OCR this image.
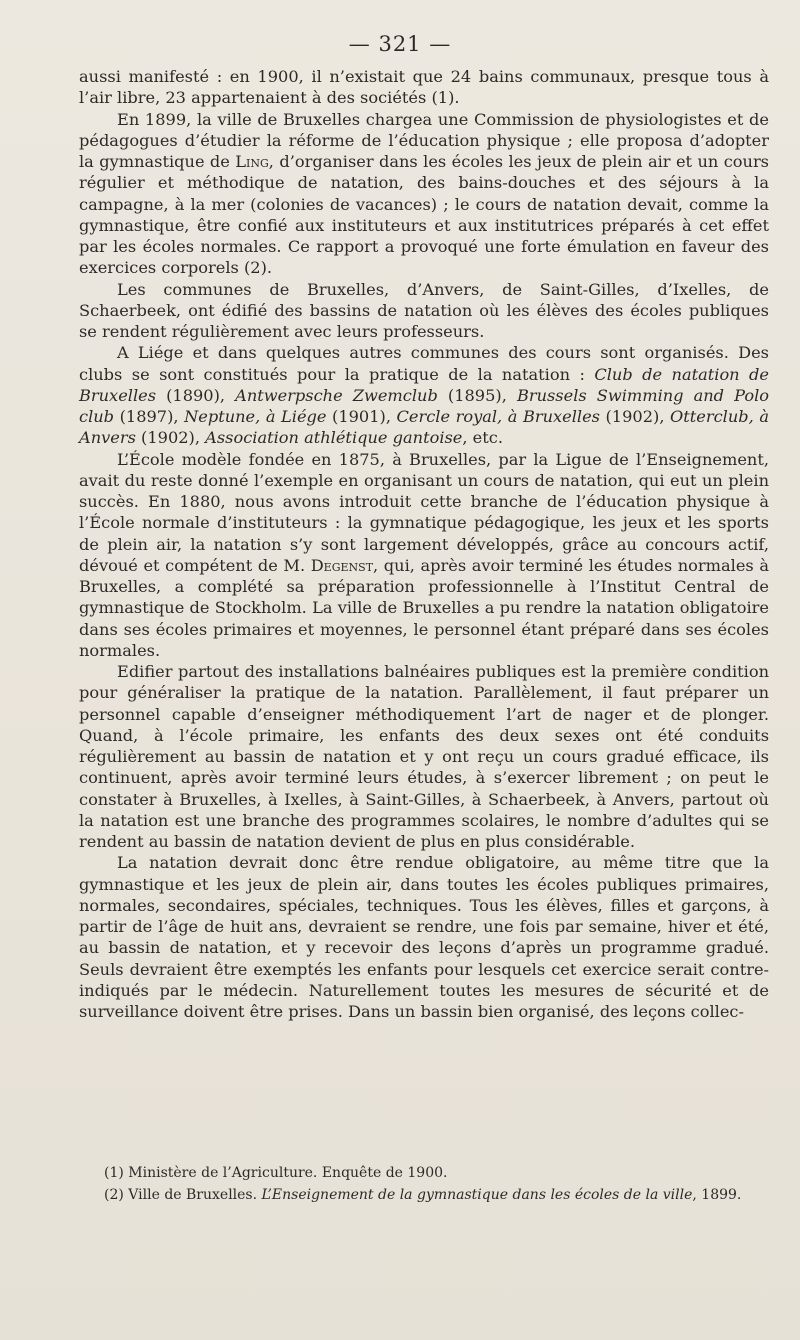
— 321 —

aussi manifesté : en 1900, il n’existait que 24 bains communaux, presque tous à l’air libre, 23 appartenaient à des sociétés (1).

En 1899, la ville de Bruxelles chargea une Commission de physiologistes et de pédagogues d’étudier la réforme de l’éducation physique ; elle proposa d’adopter la gymnastique de Ling, d’organiser dans les écoles les jeux de plein air et un cours régulier et méthodique de natation, des bains-douches et des séjours à la campagne, à la mer (colonies de vacances) ; le cours de natation devait, comme la gymnastique, être confié aux instituteurs et aux institutrices préparés à cet effet par les écoles normales. Ce rapport a provoqué une forte émulation en faveur des exercices corporels (2).

Les communes de Bruxelles, d’Anvers, de Saint-Gilles, d’Ixelles, de Schaerbeek, ont édifié des bassins de natation où les élèves des écoles publiques se rendent régulièrement avec leurs professeurs.

A Liége et dans quelques autres communes des cours sont organisés. Des clubs se sont constitués pour la pratique de la natation : Club de natation de Bruxelles (1890), Antwerpsche Zwemclub (1895), Brussels Swimming and Polo club (1897), Neptune, à Liége (1901), Cercle royal, à Bruxelles (1902), Otterclub, à Anvers (1902), Association athlétique gantoise, etc.

L’École modèle fondée en 1875, à Bruxelles, par la Ligue de l’Enseignement, avait du reste donné l’exemple en organisant un cours de natation, qui eut un plein succès. En 1880, nous avons introduit cette branche de l’éducation physique à l’École normale d’instituteurs : la gymnatique pédagogique, les jeux et les sports de plein air, la natation s’y sont largement développés, grâce au concours actif, dévoué et compétent de M. Degenst, qui, après avoir terminé les études normales à Bruxelles, a complété sa préparation professionnelle à l’Institut Central de gymnastique de Stockholm. La ville de Bruxelles a pu rendre la natation obligatoire dans ses écoles primaires et moyennes, le personnel étant préparé dans ses écoles normales.

Edifier partout des installations balnéaires publiques est la première condition pour généraliser la pratique de la natation. Parallèlement, il faut préparer un personnel capable d’enseigner méthodiquement l’art de nager et de plonger. Quand, à l’école primaire, les enfants des deux sexes ont été conduits régulièrement au bassin de natation et y ont reçu un cours gradué efficace, ils continuent, après avoir terminé leurs études, à s’exercer librement ; on peut le constater à Bruxelles, à Ixelles, à Saint-Gilles, à Schaerbeek, à Anvers, partout où la natation est une branche des programmes scolaires, le nombre d’adultes qui se rendent au bassin de natation devient de plus en plus considérable.

La natation devrait donc être rendue obligatoire, au même titre que la gymnastique et les jeux de plein air, dans toutes les écoles publiques primaires, normales, secondaires, spéciales, techniques. Tous les élèves, filles et garçons, à partir de l’âge de huit ans, devraient se rendre, une fois par semaine, hiver et été, au bassin de natation, et y recevoir des leçons d’après un programme gradué. Seuls devraient être exemptés les enfants pour lesquels cet exercice serait contre-indiqués par le médecin. Naturellement toutes les mesures de sécurité et de surveillance doivent être prises. Dans un bassin bien organisé, des leçons collec-

(1) Ministère de l’Agriculture. Enquête de 1900.

(2) Ville de Bruxelles. L’Enseignement de la gymnastique dans les écoles de la ville, 1899.
